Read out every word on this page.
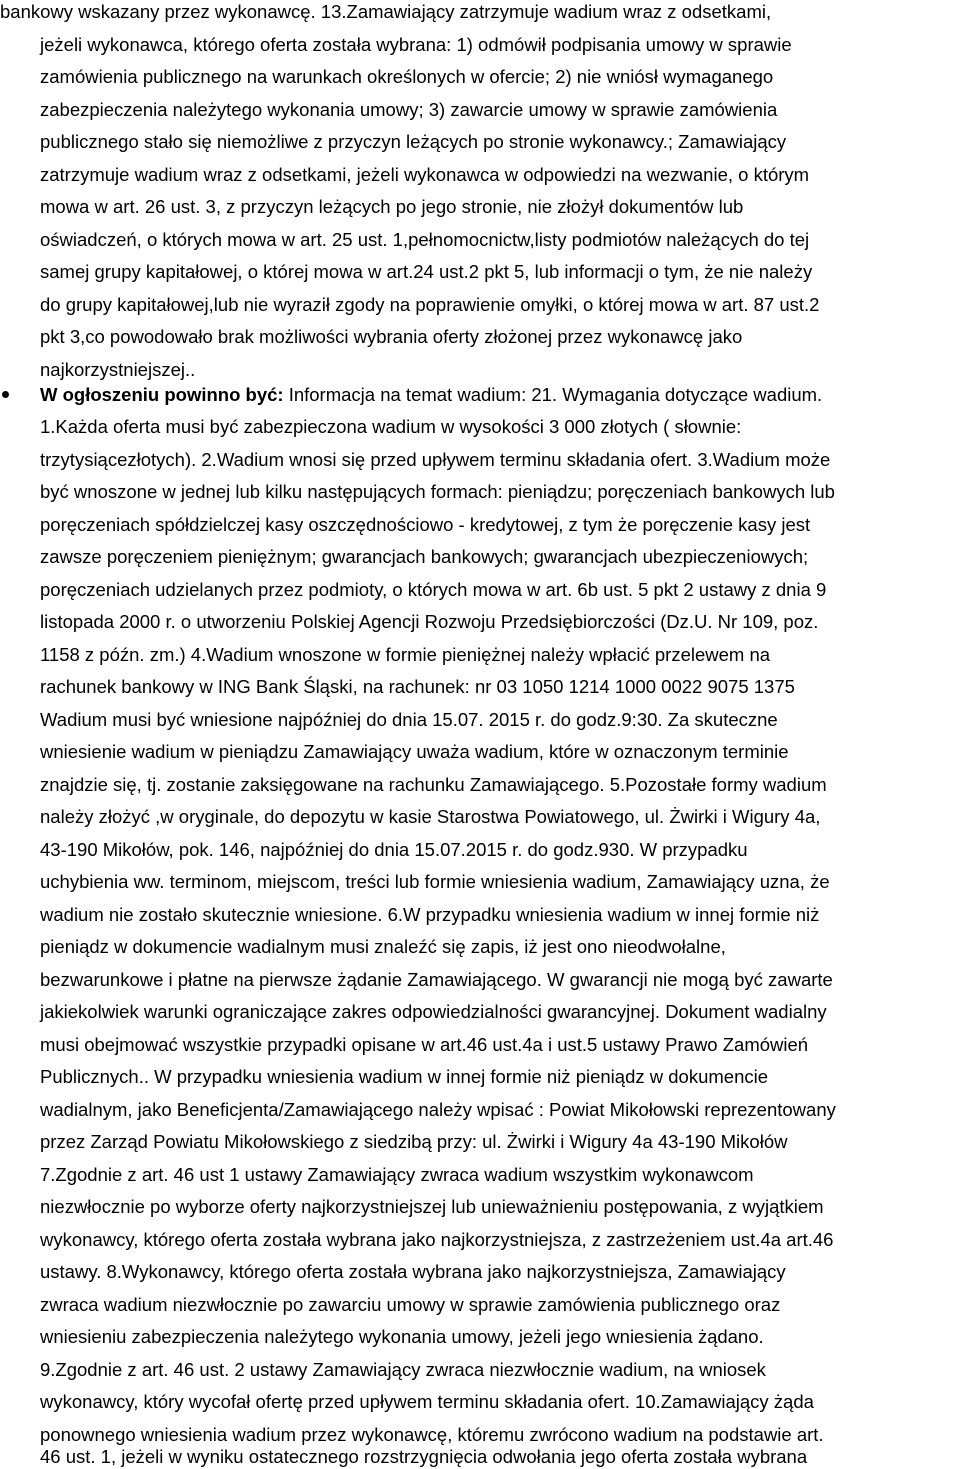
bankowy wskazany przez wykonawcę. 13.Zamawiający zatrzymuje wadium wraz z odsetkami,
jeżeli wykonawca, którego oferta została wybrana: 1) odmówił podpisania umowy w sprawie
zamówienia publicznego na warunkach określonych w ofercie; 2) nie wniósł wymaganego
zabezpieczenia należytego wykonania umowy; 3) zawarcie umowy w sprawie zamówienia
publicznego stało się niemożliwe z przyczyn leżących po stronie wykonawcy.; Zamawiający
zatrzymuje wadium wraz z odsetkami, jeżeli wykonawca w odpowiedzi na wezwanie, o którym
mowa w art. 26 ust. 3, z przyczyn leżących po jego stronie, nie złożył dokumentów lub
oświadczeń, o których mowa w art. 25 ust. 1,pełnomocnictw,listy podmiotów należących do tej
samej grupy kapitałowej, o której mowa w art.24 ust.2 pkt 5, lub informacji o tym, że nie należy
do grupy kapitałowej,lub nie wyraził zgody na poprawienie omyłki, o której mowa w art. 87 ust.2
pkt 3,co powodowało brak możliwości wybrania oferty złożonej przez wykonawcę jako
najkorzystniejszej..
W ogłoszeniu powinno być: Informacja na temat wadium: 21. Wymagania dotyczące wadium.
1.Każda oferta musi być zabezpieczona wadium w wysokości 3 000 złotych ( słownie:
trzytysiącezłotych). 2.Wadium wnosi się przed upływem terminu składania ofert. 3.Wadium może
być wnoszone w jednej lub kilku następujących formach: pieniądzu; poręczeniach bankowych lub
poręczeniach spółdzielczej kasy oszczędnościowo - kredytowej, z tym że poręczenie kasy jest
zawsze poręczeniem pieniężnym; gwarancjach bankowych; gwarancjach ubezpieczeniowych;
poręczeniach udzielanych przez podmioty, o których mowa w art. 6b ust. 5 pkt 2 ustawy z dnia 9
listopada 2000 r. o utworzeniu Polskiej Agencji Rozwoju Przedsiębiorczości (Dz.U. Nr 109, poz.
1158 z późn. zm.) 4.Wadium wnoszone w formie pieniężnej należy wpłacić przelewem na
rachunek bankowy w ING Bank Śląski, na rachunek: nr 03 1050 1214 1000 0022 9075 1375
Wadium musi być wniesione najpóźniej do dnia 15.07. 2015 r. do godz.9:30. Za skuteczne
wniesienie wadium w pieniądzu Zamawiający uważa wadium, które w oznaczonym terminie
znajdzie się, tj. zostanie zaksięgowane na rachunku Zamawiającego. 5.Pozostałe formy wadium
należy złożyć ,w oryginale, do depozytu w kasie Starostwa Powiatowego, ul. Żwirki i Wigury 4a,
43-190 Mikołów, pok. 146, najpóźniej do dnia 15.07.2015 r. do godz.930. W przypadku
uchybienia ww. terminom, miejscom, treści lub formie wniesienia wadium, Zamawiający uzna, że
wadium nie zostało skutecznie wniesione. 6.W przypadku wniesienia wadium w innej formie niż
pieniądz w dokumencie wadialnym musi znaleźć się zapis, iż jest ono nieodwołalne,
bezwarunkowe i płatne na pierwsze żądanie Zamawiającego. W gwarancji nie mogą być zawarte
jakiekolwiek warunki ograniczające zakres odpowiedzialności gwarancyjnej. Dokument wadialny
musi obejmować wszystkie przypadki opisane w art.46 ust.4a i ust.5 ustawy Prawo Zamówień
Publicznych.. W przypadku wniesienia wadium w innej formie niż pieniądz w dokumencie
wadialnym, jako Beneficjenta/Zamawiającego należy wpisać : Powiat Mikołowski reprezentowany
przez Zarząd Powiatu Mikołowskiego z siedzibą przy: ul. Żwirki i Wigury 4a 43-190 Mikołów
7.Zgodnie z art. 46 ust 1 ustawy Zamawiający zwraca wadium wszystkim wykonawcom
niezwłocznie po wyborze oferty najkorzystniejszej lub unieważnieniu postępowania, z wyjątkiem
wykonawcy, którego oferta została wybrana jako najkorzystniejsza, z zastrzeżeniem ust.4a art.46
ustawy. 8.Wykonawcy, którego oferta została wybrana jako najkorzystniejsza, Zamawiający
zwraca wadium niezwłocznie po zawarciu umowy w sprawie zamówienia publicznego oraz
wniesieniu zabezpieczenia należytego wykonania umowy, jeżeli jego wniesienia żądano.
9.Zgodnie z art. 46 ust. 2 ustawy Zamawiający zwraca niezwłocznie wadium, na wniosek
wykonawcy, który wycofał ofertę przed upływem terminu składania ofert. 10.Zamawiający żąda
ponownego wniesienia wadium przez wykonawcę, któremu zwrócono wadium na podstawie art.
46 ust. 1, jeżeli w wyniku ostatecznego rozstrzygnięcia odwołania jego oferta została wybrana
